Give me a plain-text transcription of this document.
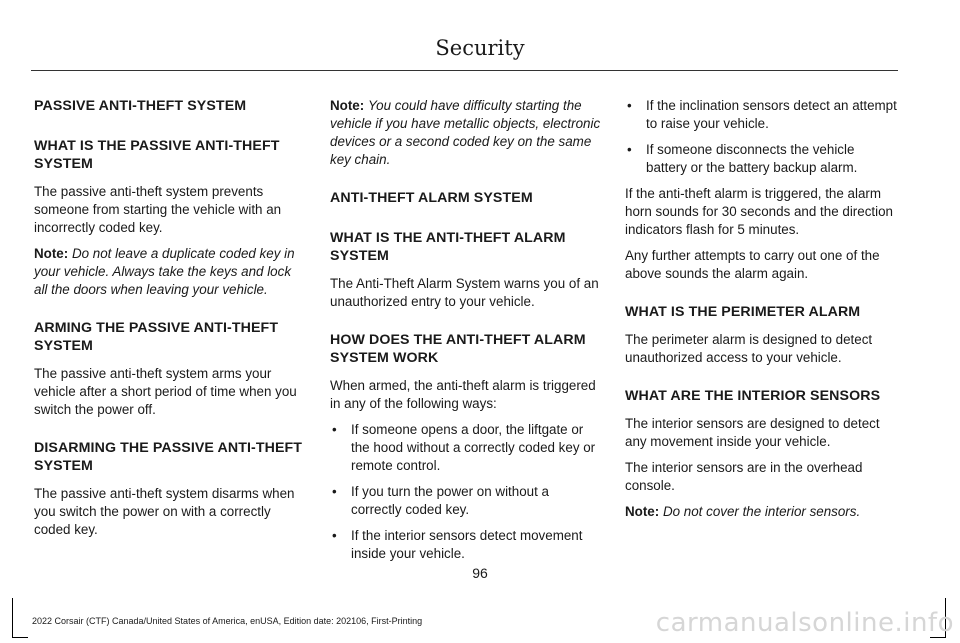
Security
PASSIVE ANTI-THEFT SYSTEM
WHAT IS THE PASSIVE ANTI-THEFT SYSTEM
The passive anti-theft system prevents someone from starting the vehicle with an incorrectly coded key.
Note: Do not leave a duplicate coded key in your vehicle. Always take the keys and lock all the doors when leaving your vehicle.
ARMING THE PASSIVE ANTI-THEFT SYSTEM
The passive anti-theft system arms your vehicle after a short period of time when you switch the power off.
DISARMING THE PASSIVE ANTI-THEFT SYSTEM
The passive anti-theft system disarms when you switch the power on with a correctly coded key.
Note: You could have difficulty starting the vehicle if you have metallic objects, electronic devices or a second coded key on the same key chain.
ANTI-THEFT ALARM SYSTEM
WHAT IS THE ANTI-THEFT ALARM SYSTEM
The Anti-Theft Alarm System warns you of an unauthorized entry to your vehicle.
HOW DOES THE ANTI-THEFT ALARM SYSTEM WORK
When armed, the anti-theft alarm is triggered in any of the following ways:
• If someone opens a door, the liftgate or the hood without a correctly coded key or remote control.
• If you turn the power on without a correctly coded key.
• If the interior sensors detect movement inside your vehicle.
• If the inclination sensors detect an attempt to raise your vehicle.
• If someone disconnects the vehicle battery or the battery backup alarm.
If the anti-theft alarm is triggered, the alarm horn sounds for 30 seconds and the direction indicators flash for 5 minutes.
Any further attempts to carry out one of the above sounds the alarm again.
WHAT IS THE PERIMETER ALARM
The perimeter alarm is designed to detect unauthorized access to your vehicle.
WHAT ARE THE INTERIOR SENSORS
The interior sensors are designed to detect any movement inside your vehicle.
The interior sensors are in the overhead console.
Note: Do not cover the interior sensors.
96
2022 Corsair (CTF) Canada/United States of America, enUSA, Edition date: 202106, First-Printing	carmanualsonline.info
